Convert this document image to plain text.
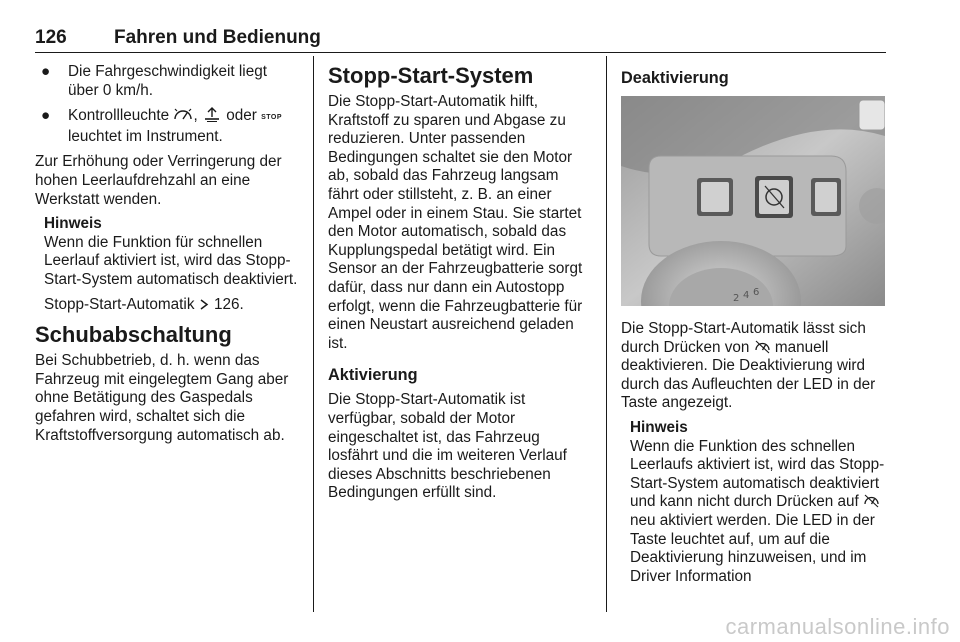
126 Fahren und Bedienung
● Die Fahrgeschwindigkeit liegt über 0 km/h.
● Kontrollleuchte ,  oder STOP leuchtet im Instrument.

Zur Erhöhung oder Verringerung der hohen Leerlaufdrehzahl an eine Werkstatt wenden.

Hinweis
Wenn die Funktion für schnellen Leerlauf aktiviert ist, wird das Stopp-Start-System automatisch deaktiviert.

Stopp-Start-Automatik  126.

Schubabschaltung

Bei Schubbetrieb, d. h. wenn das Fahrzeug mit eingelegtem Gang aber ohne Betätigung des Gaspedals gefahren wird, schaltet sich die Kraftstoffversorgung automatisch ab.

Stopp-Start-System

Die Stopp-Start-Automatik hilft, Kraftstoff zu sparen und Abgase zu reduzieren. Unter passenden Bedingungen schaltet sie den Motor ab, sobald das Fahrzeug langsam fährt oder stillsteht, z. B. an einer Ampel oder in einem Stau. Sie startet den Motor automatisch, sobald das Kupplungspedal betätigt wird. Ein Sensor an der Fahrzeugbatterie sorgt dafür, dass nur dann ein Autostopp erfolgt, wenn die Fahrzeugbatterie für einen Neustart ausreichend geladen ist.

Aktivierung

Die Stopp-Start-Automatik ist verfügbar, sobald der Motor eingeschaltet ist, das Fahrzeug losfährt und die im weiteren Verlauf dieses Abschnitts beschriebenen Bedingungen erfüllt sind.

Deaktivierung
2 4 6

Die Stopp-Start-Automatik lässt sich durch Drücken von  manuell deaktivieren. Die Deaktivierung wird durch das Aufleuchten der LED in der Taste angezeigt.

Hinweis
Wenn die Funktion des schnellen Leerlaufs aktiviert ist, wird das Stopp-Start-System automatisch deaktiviert und kann nicht durch Drücken auf  neu aktiviert werden. Die LED in der Taste leuchtet auf, um auf die Deaktivierung hinzuweisen, und im Driver Information
carmanualsonline.info
